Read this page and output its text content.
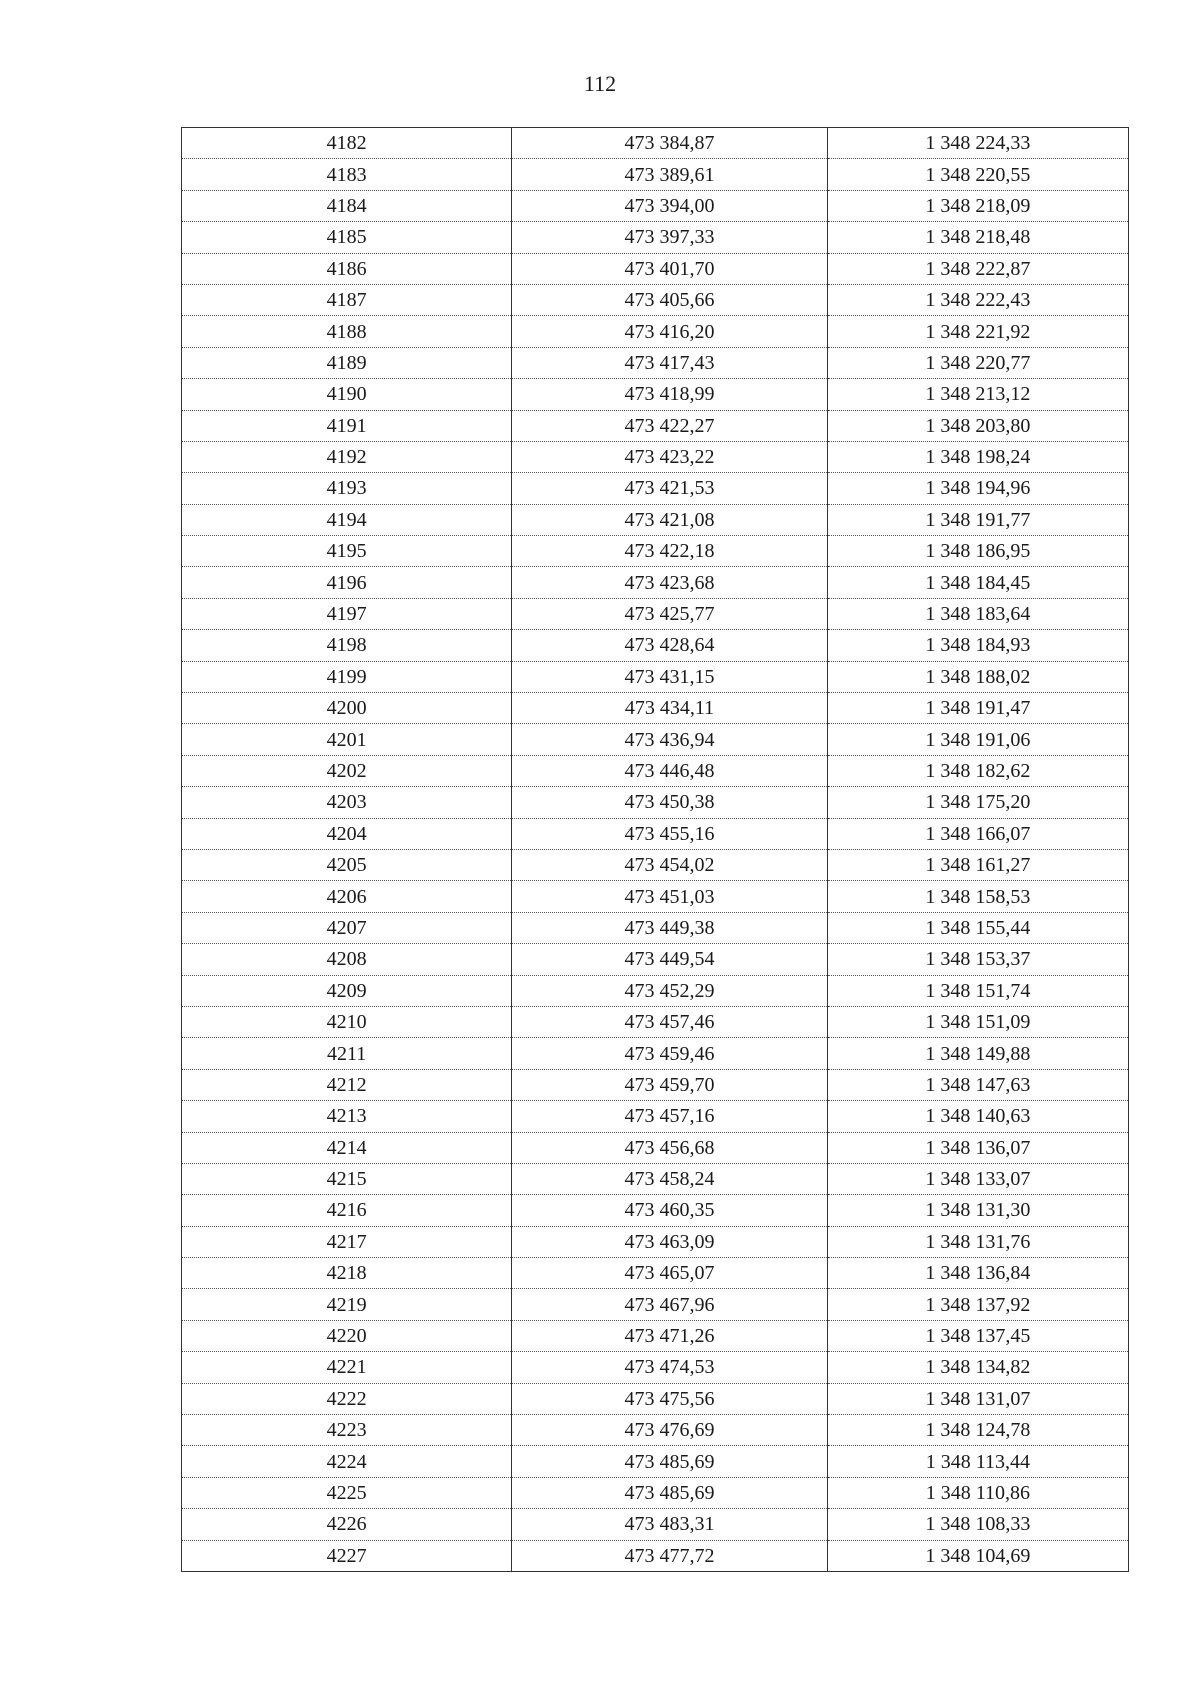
112
4182	473 384,87	1 348 224,33
4183	473 389,61	1 348 220,55
4184	473 394,00	1 348 218,09
4185	473 397,33	1 348 218,48
4186	473 401,70	1 348 222,87
4187	473 405,66	1 348 222,43
4188	473 416,20	1 348 221,92
4189	473 417,43	1 348 220,77
4190	473 418,99	1 348 213,12
4191	473 422,27	1 348 203,80
4192	473 423,22	1 348 198,24
4193	473 421,53	1 348 194,96
4194	473 421,08	1 348 191,77
4195	473 422,18	1 348 186,95
4196	473 423,68	1 348 184,45
4197	473 425,77	1 348 183,64
4198	473 428,64	1 348 184,93
4199	473 431,15	1 348 188,02
4200	473 434,11	1 348 191,47
4201	473 436,94	1 348 191,06
4202	473 446,48	1 348 182,62
4203	473 450,38	1 348 175,20
4204	473 455,16	1 348 166,07
4205	473 454,02	1 348 161,27
4206	473 451,03	1 348 158,53
4207	473 449,38	1 348 155,44
4208	473 449,54	1 348 153,37
4209	473 452,29	1 348 151,74
4210	473 457,46	1 348 151,09
4211	473 459,46	1 348 149,88
4212	473 459,70	1 348 147,63
4213	473 457,16	1 348 140,63
4214	473 456,68	1 348 136,07
4215	473 458,24	1 348 133,07
4216	473 460,35	1 348 131,30
4217	473 463,09	1 348 131,76
4218	473 465,07	1 348 136,84
4219	473 467,96	1 348 137,92
4220	473 471,26	1 348 137,45
4221	473 474,53	1 348 134,82
4222	473 475,56	1 348 131,07
4223	473 476,69	1 348 124,78
4224	473 485,69	1 348 113,44
4225	473 485,69	1 348 110,86
4226	473 483,31	1 348 108,33
4227	473 477,72	1 348 104,69
